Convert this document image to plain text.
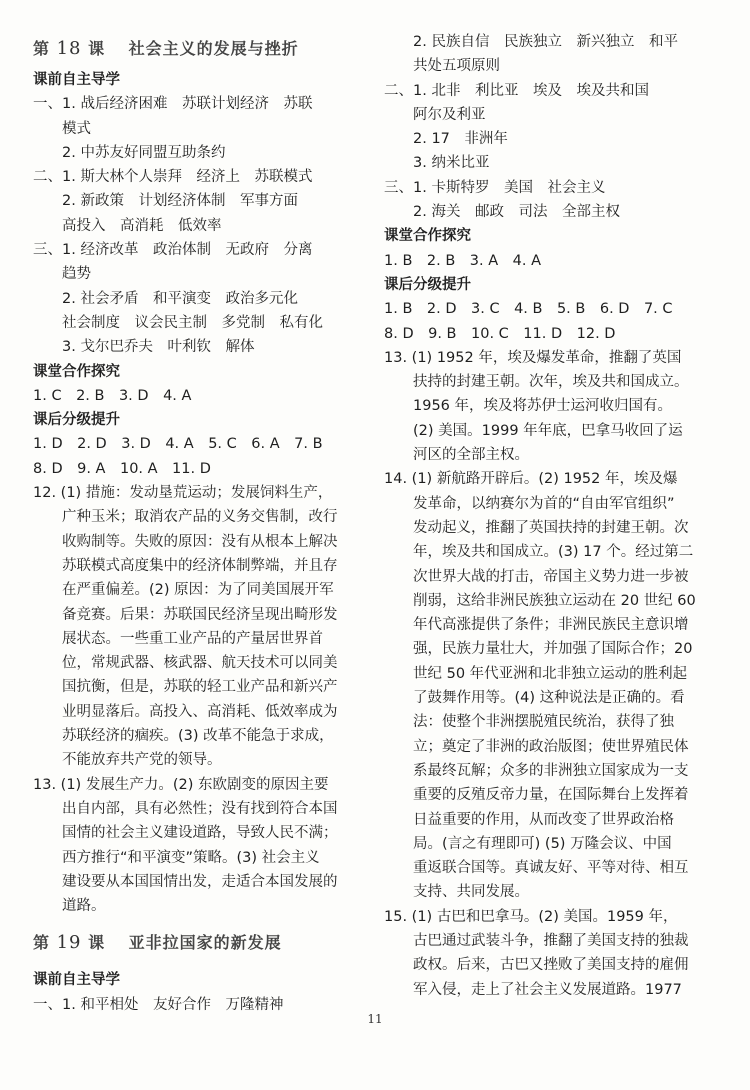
第 18 课　 社会主义的发展与挫折
课前自主导学
一、1. 战后经济困难　苏联计划经济　苏联
　　模式
　　2. 中苏友好同盟互助条约
二、1. 斯大林个人崇拜　经济上　苏联模式
　　2. 新政策　计划经济体制　军事方面
　　高投入　高消耗　低效率
三、1. 经济改革　政治体制　无政府　分离
　　趋势
　　2. 社会矛盾　和平演变　政治多元化
　　社会制度　议会民主制　多党制　私有化
　　3. 戈尔巴乔夫　叶利钦　解体
课堂合作探究
1. C　2. B　3. D　4. A
课后分级提升
1. D　2. D　3. D　4. A　5. C　6. A　7. B
8. D　9. A　10. A　11. D
12. (1) 措施：发动垦荒运动；发展饲料生产，
　　广种玉米；取消农产品的义务交售制，改行
　　收购制等。失败的原因：没有从根本上解决
　　苏联模式高度集中的经济体制弊端，并且存
　　在严重偏差。(2) 原因：为了同美国展开军
　　备竞赛。后果：苏联国民经济呈现出畸形发
　　展状态。一些重工业产品的产量居世界首
　　位，常规武器、核武器、航天技术可以同美
　　国抗衡，但是，苏联的轻工业产品和新兴产
　　业明显落后。高投入、高消耗、低效率成为
　　苏联经济的痼疾。(3) 改革不能急于求成，
　　不能放弃共产党的领导。
13. (1) 发展生产力。(2) 东欧剧变的原因主要
　　出自内部，具有必然性；没有找到符合本国
　　国情的社会主义建设道路，导致人民不满；
　　西方推行“和平演变”策略。(3) 社会主义
　　建设要从本国国情出发，走适合本国发展的
　　道路。
第 19 课　 亚非拉国家的新发展
课前自主导学
一、1. 和平相处　友好合作　万隆精神
　　2. 民族自信　民族独立　新兴独立　和平
　　共处五项原则
二、1. 北非　利比亚　埃及　埃及共和国
　　阿尔及利亚
　　2. 17　非洲年
　　3. 纳米比亚
三、1. 卡斯特罗　美国　社会主义
　　2. 海关　邮政　司法　全部主权
课堂合作探究
1. B　2. B　3. A　4. A
课后分级提升
1. B　2. D　3. C　4. B　5. B　6. D　7. C
8. D　9. B　10. C　11. D　12. D
13. (1) 1952 年，埃及爆发革命，推翻了英国
　　扶持的封建王朝。次年，埃及共和国成立。
　　1956 年，埃及将苏伊士运河收归国有。
　　(2) 美国。1999 年年底，巴拿马收回了运
　　河区的全部主权。
14. (1) 新航路开辟后。(2) 1952 年，埃及爆
　　发革命，以纳赛尔为首的“自由军官组织”
　　发动起义，推翻了英国扶持的封建王朝。次
　　年，埃及共和国成立。(3) 17 个。经过第二
　　次世界大战的打击，帝国主义势力进一步被
　　削弱，这给非洲民族独立运动在 20 世纪 60
　　年代高涨提供了条件；非洲民族民主意识增
　　强，民族力量壮大，并加强了国际合作；20
　　世纪 50 年代亚洲和北非独立运动的胜利起
　　了鼓舞作用等。(4) 这种说法是正确的。看
　　法：使整个非洲摆脱殖民统治，获得了独
　　立；奠定了非洲的政治版图；使世界殖民体
　　系最终瓦解；众多的非洲独立国家成为一支
　　重要的反殖反帝力量，在国际舞台上发挥着
　　日益重要的作用，从而改变了世界政治格
　　局。(言之有理即可) (5) 万隆会议、中国
　　重返联合国等。真诚友好、平等对待、相互
　　支持、共同发展。
15. (1) 古巴和巴拿马。(2) 美国。1959 年，
　　古巴通过武装斗争，推翻了美国支持的独裁
　　政权。后来，古巴又挫败了美国支持的雇佣
　　军入侵，走上了社会主义发展道路。1977
11
